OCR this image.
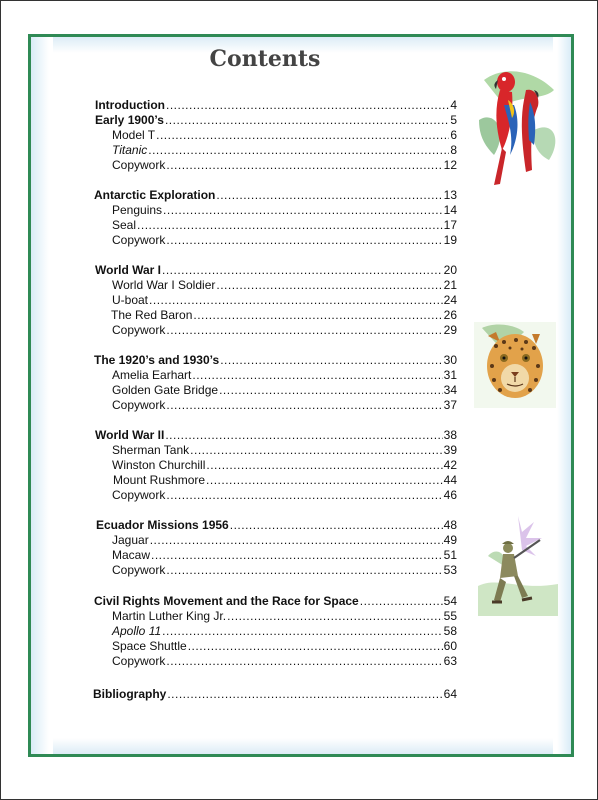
Contents
Introduction .....	4
Early 1900’s .....	5
Model T .....	6
Titanic .....	8
Copywork .....	12
Antarctic Exploration .....	13
Penguins .....	14
Seal .....	17
Copywork .....	19
World War I .....	20
World War I Soldier .....	21
U-boat .....	24
The Red Baron .....	26
Copywork .....	29
The 1920’s and 1930’s .....	30
Amelia Earhart .....	31
Golden Gate Bridge .....	34
Copywork .....	37
World War II .....	38
Sherman Tank .....	39
Winston Churchill .....	42
Mount Rushmore .....	44
Copywork .....	46
Ecuador Missions 1956 .....	48
Jaguar .....	49
Macaw .....	51
Copywork .....	53
Civil Rights Movement and the Race for Space .....	54
Martin Luther King Jr. .....	55
Apollo 11 .....	58
Space Shuttle .....	60
Copywork .....	63
Bibliography .....	64
